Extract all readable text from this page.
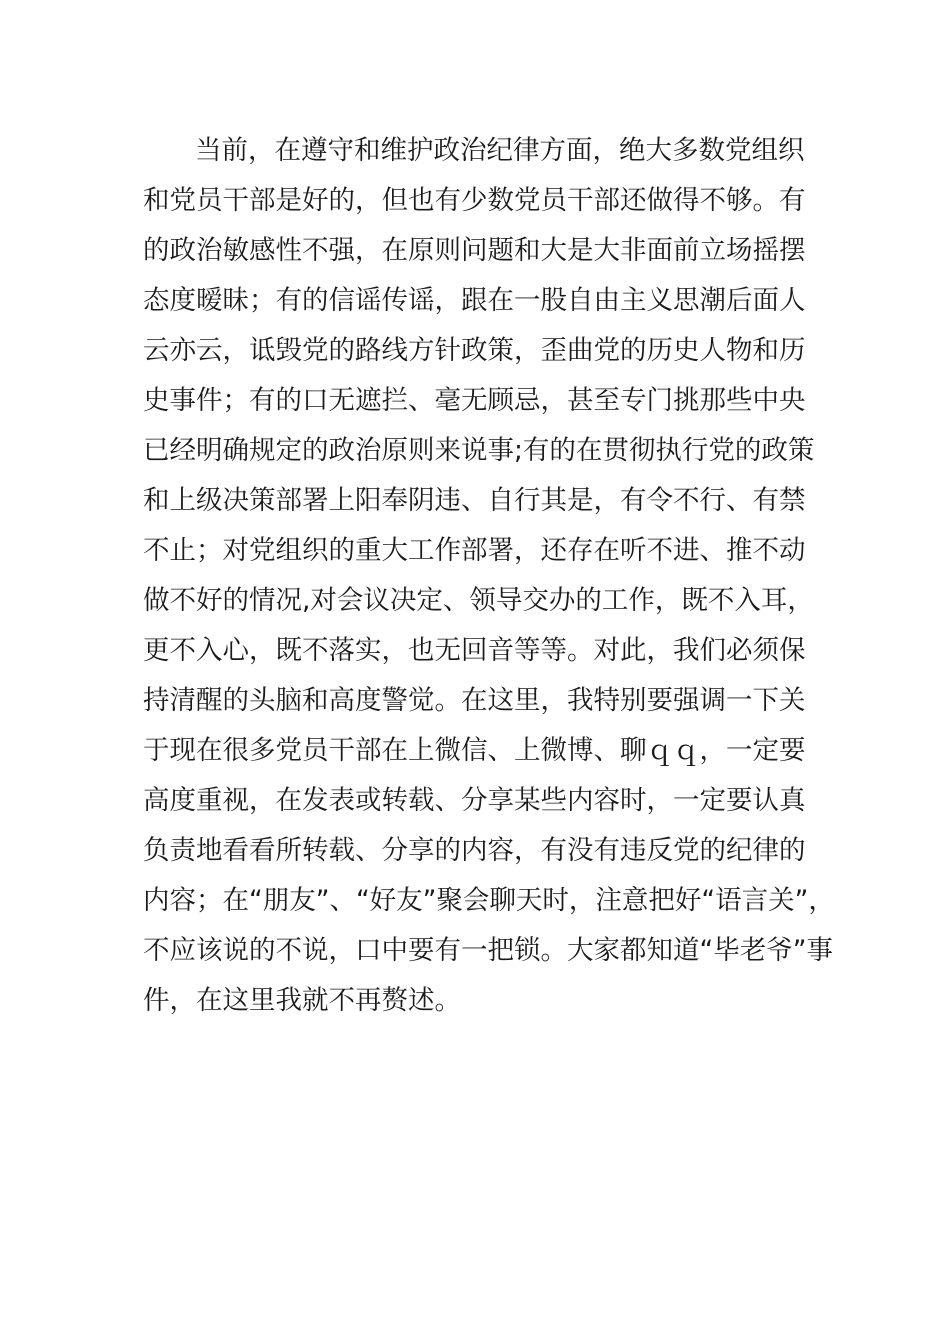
当前，在遵守和维护政治纪律方面，绝大多数党组织
和党员干部是好的，但也有少数党员干部还做得不够。有
的政治敏感性不强，在原则问题和大是大非面前立场摇摆
态度暧昧；有的信谣传谣，跟在一股自由主义思潮后面人
云亦云，诋毁党的路线方针政策，歪曲党的历史人物和历
史事件；有的口无遮拦、毫无顾忌，甚至专门挑那些中央
已经明确规定的政治原则来说事;有的在贯彻执行党的政策
和上级决策部署上阳奉阴违、自行其是，有令不行、有禁
不止；对党组织的重大工作部署，还存在听不进、推不动
做不好的情况,对会议决定、领导交办的工作，既不入耳，
更不入心，既不落实，也无回音等等。对此，我们必须保
持清醒的头脑和高度警觉。在这里，我特别要强调一下关
于现在很多党员干部在上微信、上微博、聊ｑｑ，一定要
高度重视，在发表或转载、分享某些内容时，一定要认真
负责地看看所转载、分享的内容，有没有违反党的纪律的
内容；在“朋友”、“好友”聚会聊天时，注意把好“语言关”，
不应该说的不说，口中要有一把锁。大家都知道“毕老爷”事
件，在这里我就不再赘述。
